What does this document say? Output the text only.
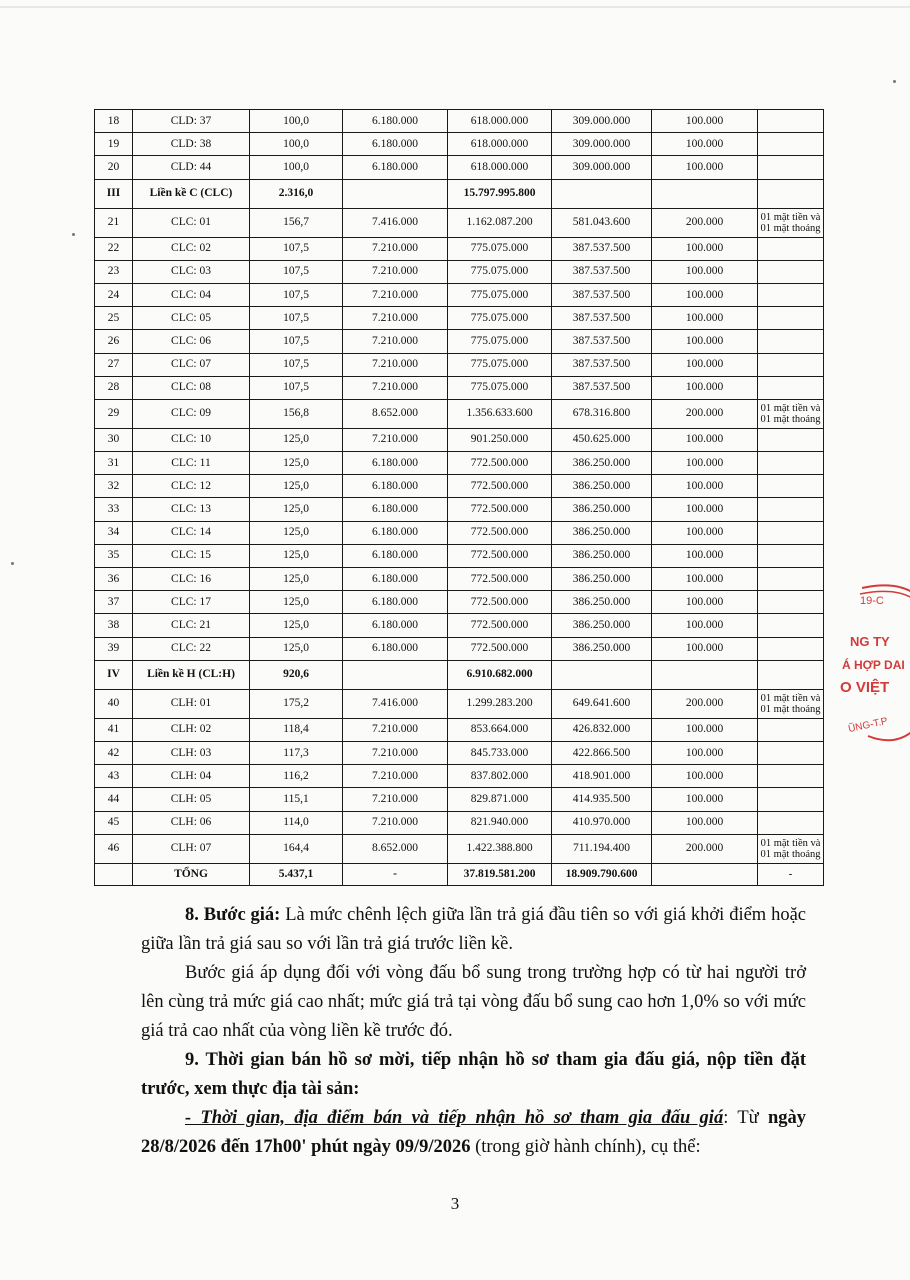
18	CLD: 37	100,0	6.180.000	618.000.000	309.000.000	100.000	
19	CLD: 38	100,0	6.180.000	618.000.000	309.000.000	100.000	
20	CLD: 44	100,0	6.180.000	618.000.000	309.000.000	100.000	
III	Liền kề C (CLC)	2.316,0		15.797.995.800			
21	CLC: 01	156,7	7.416.000	1.162.087.200	581.043.600	200.000	01 mặt tiền và 01 mặt thoáng
22	CLC: 02	107,5	7.210.000	775.075.000	387.537.500	100.000	
23	CLC: 03	107,5	7.210.000	775.075.000	387.537.500	100.000	
24	CLC: 04	107,5	7.210.000	775.075.000	387.537.500	100.000	
25	CLC: 05	107,5	7.210.000	775.075.000	387.537.500	100.000	
26	CLC: 06	107,5	7.210.000	775.075.000	387.537.500	100.000	
27	CLC: 07	107,5	7.210.000	775.075.000	387.537.500	100.000	
28	CLC: 08	107,5	7.210.000	775.075.000	387.537.500	100.000	
29	CLC: 09	156,8	8.652.000	1.356.633.600	678.316.800	200.000	01 mặt tiền và 01 mặt thoáng
30	CLC: 10	125,0	7.210.000	901.250.000	450.625.000	100.000	
31	CLC: 11	125,0	6.180.000	772.500.000	386.250.000	100.000	
32	CLC: 12	125,0	6.180.000	772.500.000	386.250.000	100.000	
33	CLC: 13	125,0	6.180.000	772.500.000	386.250.000	100.000	
34	CLC: 14	125,0	6.180.000	772.500.000	386.250.000	100.000	
35	CLC: 15	125,0	6.180.000	772.500.000	386.250.000	100.000	
36	CLC: 16	125,0	6.180.000	772.500.000	386.250.000	100.000	
37	CLC: 17	125,0	6.180.000	772.500.000	386.250.000	100.000	
38	CLC: 21	125,0	6.180.000	772.500.000	386.250.000	100.000	
39	CLC: 22	125,0	6.180.000	772.500.000	386.250.000	100.000	
IV	Liền kề H (CL:H)	920,6		6.910.682.000			
40	CLH: 01	175,2	7.416.000	1.299.283.200	649.641.600	200.000	01 mặt tiền và 01 mặt thoáng
41	CLH: 02	118,4	7.210.000	853.664.000	426.832.000	100.000	
42	CLH: 03	117,3	7.210.000	845.733.000	422.866.500	100.000	
43	CLH: 04	116,2	7.210.000	837.802.000	418.901.000	100.000	
44	CLH: 05	115,1	7.210.000	829.871.000	414.935.500	100.000	
45	CLH: 06	114,0	7.210.000	821.940.000	410.970.000	100.000	
46	CLH: 07	164,4	8.652.000	1.422.388.800	711.194.400	200.000	01 mặt tiền và 01 mặt thoáng
	TỔNG	5.437,1	-	37.819.581.200	18.909.790.600		-

8. Bước giá: Là mức chênh lệch giữa lần trả giá đầu tiên so với giá khởi điểm hoặc giữa lần trả giá sau so với lần trả giá trước liền kề.

Bước giá áp dụng đối với vòng đấu bổ sung trong trường hợp có từ hai người trở lên cùng trả mức giá cao nhất; mức giá trả tại vòng đấu bổ sung cao hơn 1,0% so với mức giá trả cao nhất của vòng liền kề trước đó.

9. Thời gian bán hồ sơ mời, tiếp nhận hồ sơ tham gia đấu giá, nộp tiền đặt trước, xem thực địa tài sản:

- Thời gian, địa điểm bán và tiếp nhận hồ sơ tham gia đấu giá: Từ ngày 28/8/2026 đến 17h00' phút ngày 09/9/2026 (trong giờ hành chính), cụ thể:

3
19-C
NG TY
Á HỢP DAI
O VIỆT
ŨNG-T.P
